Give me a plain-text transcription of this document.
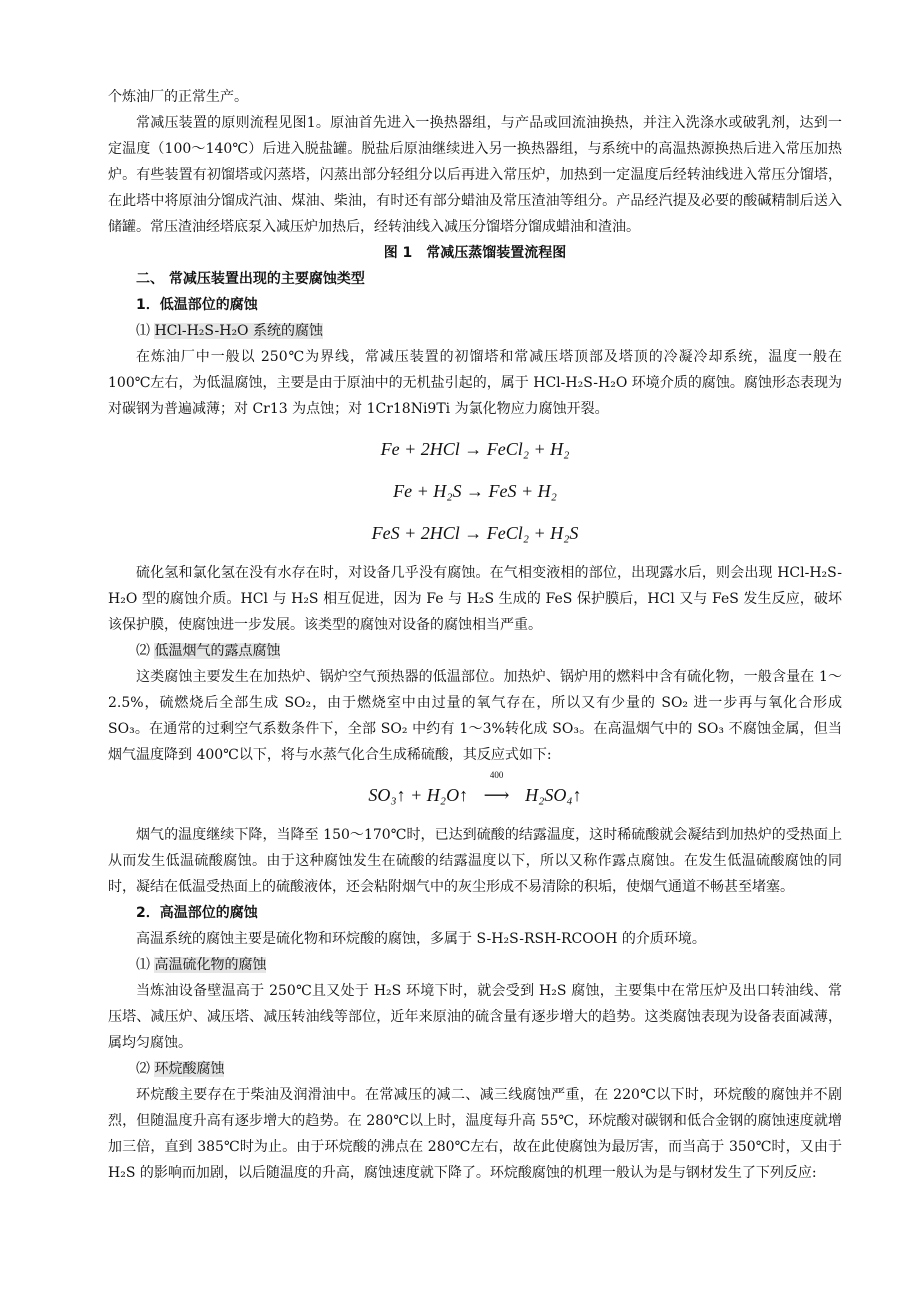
个炼油厂的正常生产。

常减压装置的原则流程见图1。原油首先进入一换热器组，与产品或回流油换热，并注入洗涤水或破乳剂，达到一定温度（100～140℃）后进入脱盐罐。脱盐后原油继续进入另一换热器组，与系统中的高温热源换热后进入常压加热炉。有些装置有初馏塔或闪蒸塔，闪蒸出部分轻组分以后再进入常压炉，加热到一定温度后经转油线进入常压分馏塔，在此塔中将原油分馏成汽油、煤油、柴油，有时还有部分蜡油及常压渣油等组分。产品经汽提及必要的酸碱精制后送入储罐。常压渣油经塔底泵入减压炉加热后，经转油线入减压分馏塔分馏成蜡油和渣油。

图 1　常减压蒸馏装置流程图

二、 常减压装置出现的主要腐蚀类型

1．低温部位的腐蚀

⑴ HCl-H₂S-H₂O 系统的腐蚀

在炼油厂中一般以 250℃为界线，常减压装置的初馏塔和常减压塔顶部及塔顶的冷凝冷却系统，温度一般在 100℃左右，为低温腐蚀，主要是由于原油中的无机盐引起的，属于 HCl-H₂S-H₂O 环境介质的腐蚀。腐蚀形态表现为对碳钢为普遍减薄；对 Cr13 为点蚀；对 1Cr18Ni9Ti 为氯化物应力腐蚀开裂。

Fe + 2HCl → FeCl₂ + H₂
Fe + H₂S → FeS + H₂
FeS + 2HCl → FeCl₂ + H₂S

硫化氢和氯化氢在没有水存在时，对设备几乎没有腐蚀。在气相变液相的部位，出现露水后，则会出现 HCl-H₂S-H₂O 型的腐蚀介质。HCl 与 H₂S 相互促进，因为 Fe 与 H₂S 生成的 FeS 保护膜后，HCl 又与 FeS 发生反应，破坏该保护膜，使腐蚀进一步发展。该类型的腐蚀对设备的腐蚀相当严重。

⑵ 低温烟气的露点腐蚀

这类腐蚀主要发生在加热炉、锅炉空气预热器的低温部位。加热炉、锅炉用的燃料中含有硫化物，一般含量在 1～2.5%，硫燃烧后全部生成 SO₂，由于燃烧室中由过量的氧气存在，所以又有少量的 SO₂ 进一步再与氧化合形成 SO₃。在通常的过剩空气系数条件下，全部 SO₂ 中约有 1～3%转化成 SO₃。在高温烟气中的 SO₃ 不腐蚀金属，但当烟气温度降到 400℃以下，将与水蒸气化合生成稀硫酸，其反应式如下:

SO₃↑ + H₂O↑
400
⟶ H₂SO₄↑

烟气的温度继续下降，当降至 150～170℃时，已达到硫酸的结露温度，这时稀硫酸就会凝结到加热炉的受热面上从而发生低温硫酸腐蚀。由于这种腐蚀发生在硫酸的结露温度以下，所以又称作露点腐蚀。在发生低温硫酸腐蚀的同时，凝结在低温受热面上的硫酸液体，还会粘附烟气中的灰尘形成不易清除的积垢，使烟气通道不畅甚至堵塞。

2．高温部位的腐蚀

高温系统的腐蚀主要是硫化物和环烷酸的腐蚀，多属于 S-H₂S-RSH-RCOOH 的介质环境。

⑴ 高温硫化物的腐蚀

当炼油设备壁温高于 250℃且又处于 H₂S 环境下时，就会受到 H₂S 腐蚀，主要集中在常压炉及出口转油线、常压塔、减压炉、减压塔、减压转油线等部位，近年来原油的硫含量有逐步增大的趋势。这类腐蚀表现为设备表面减薄，属均匀腐蚀。

⑵ 环烷酸腐蚀

环烷酸主要存在于柴油及润滑油中。在常减压的减二、减三线腐蚀严重，在 220℃以下时，环烷酸的腐蚀并不剧烈，但随温度升高有逐步增大的趋势。在 280℃以上时，温度每升高 55℃，环烷酸对碳钢和低合金钢的腐蚀速度就增加三倍，直到 385℃时为止。由于环烷酸的沸点在 280℃左右，故在此使腐蚀为最厉害，而当高于 350℃时，又由于 H₂S 的影响而加剧，以后随温度的升高，腐蚀速度就下降了。环烷酸腐蚀的机理一般认为是与钢材发生了下列反应:
